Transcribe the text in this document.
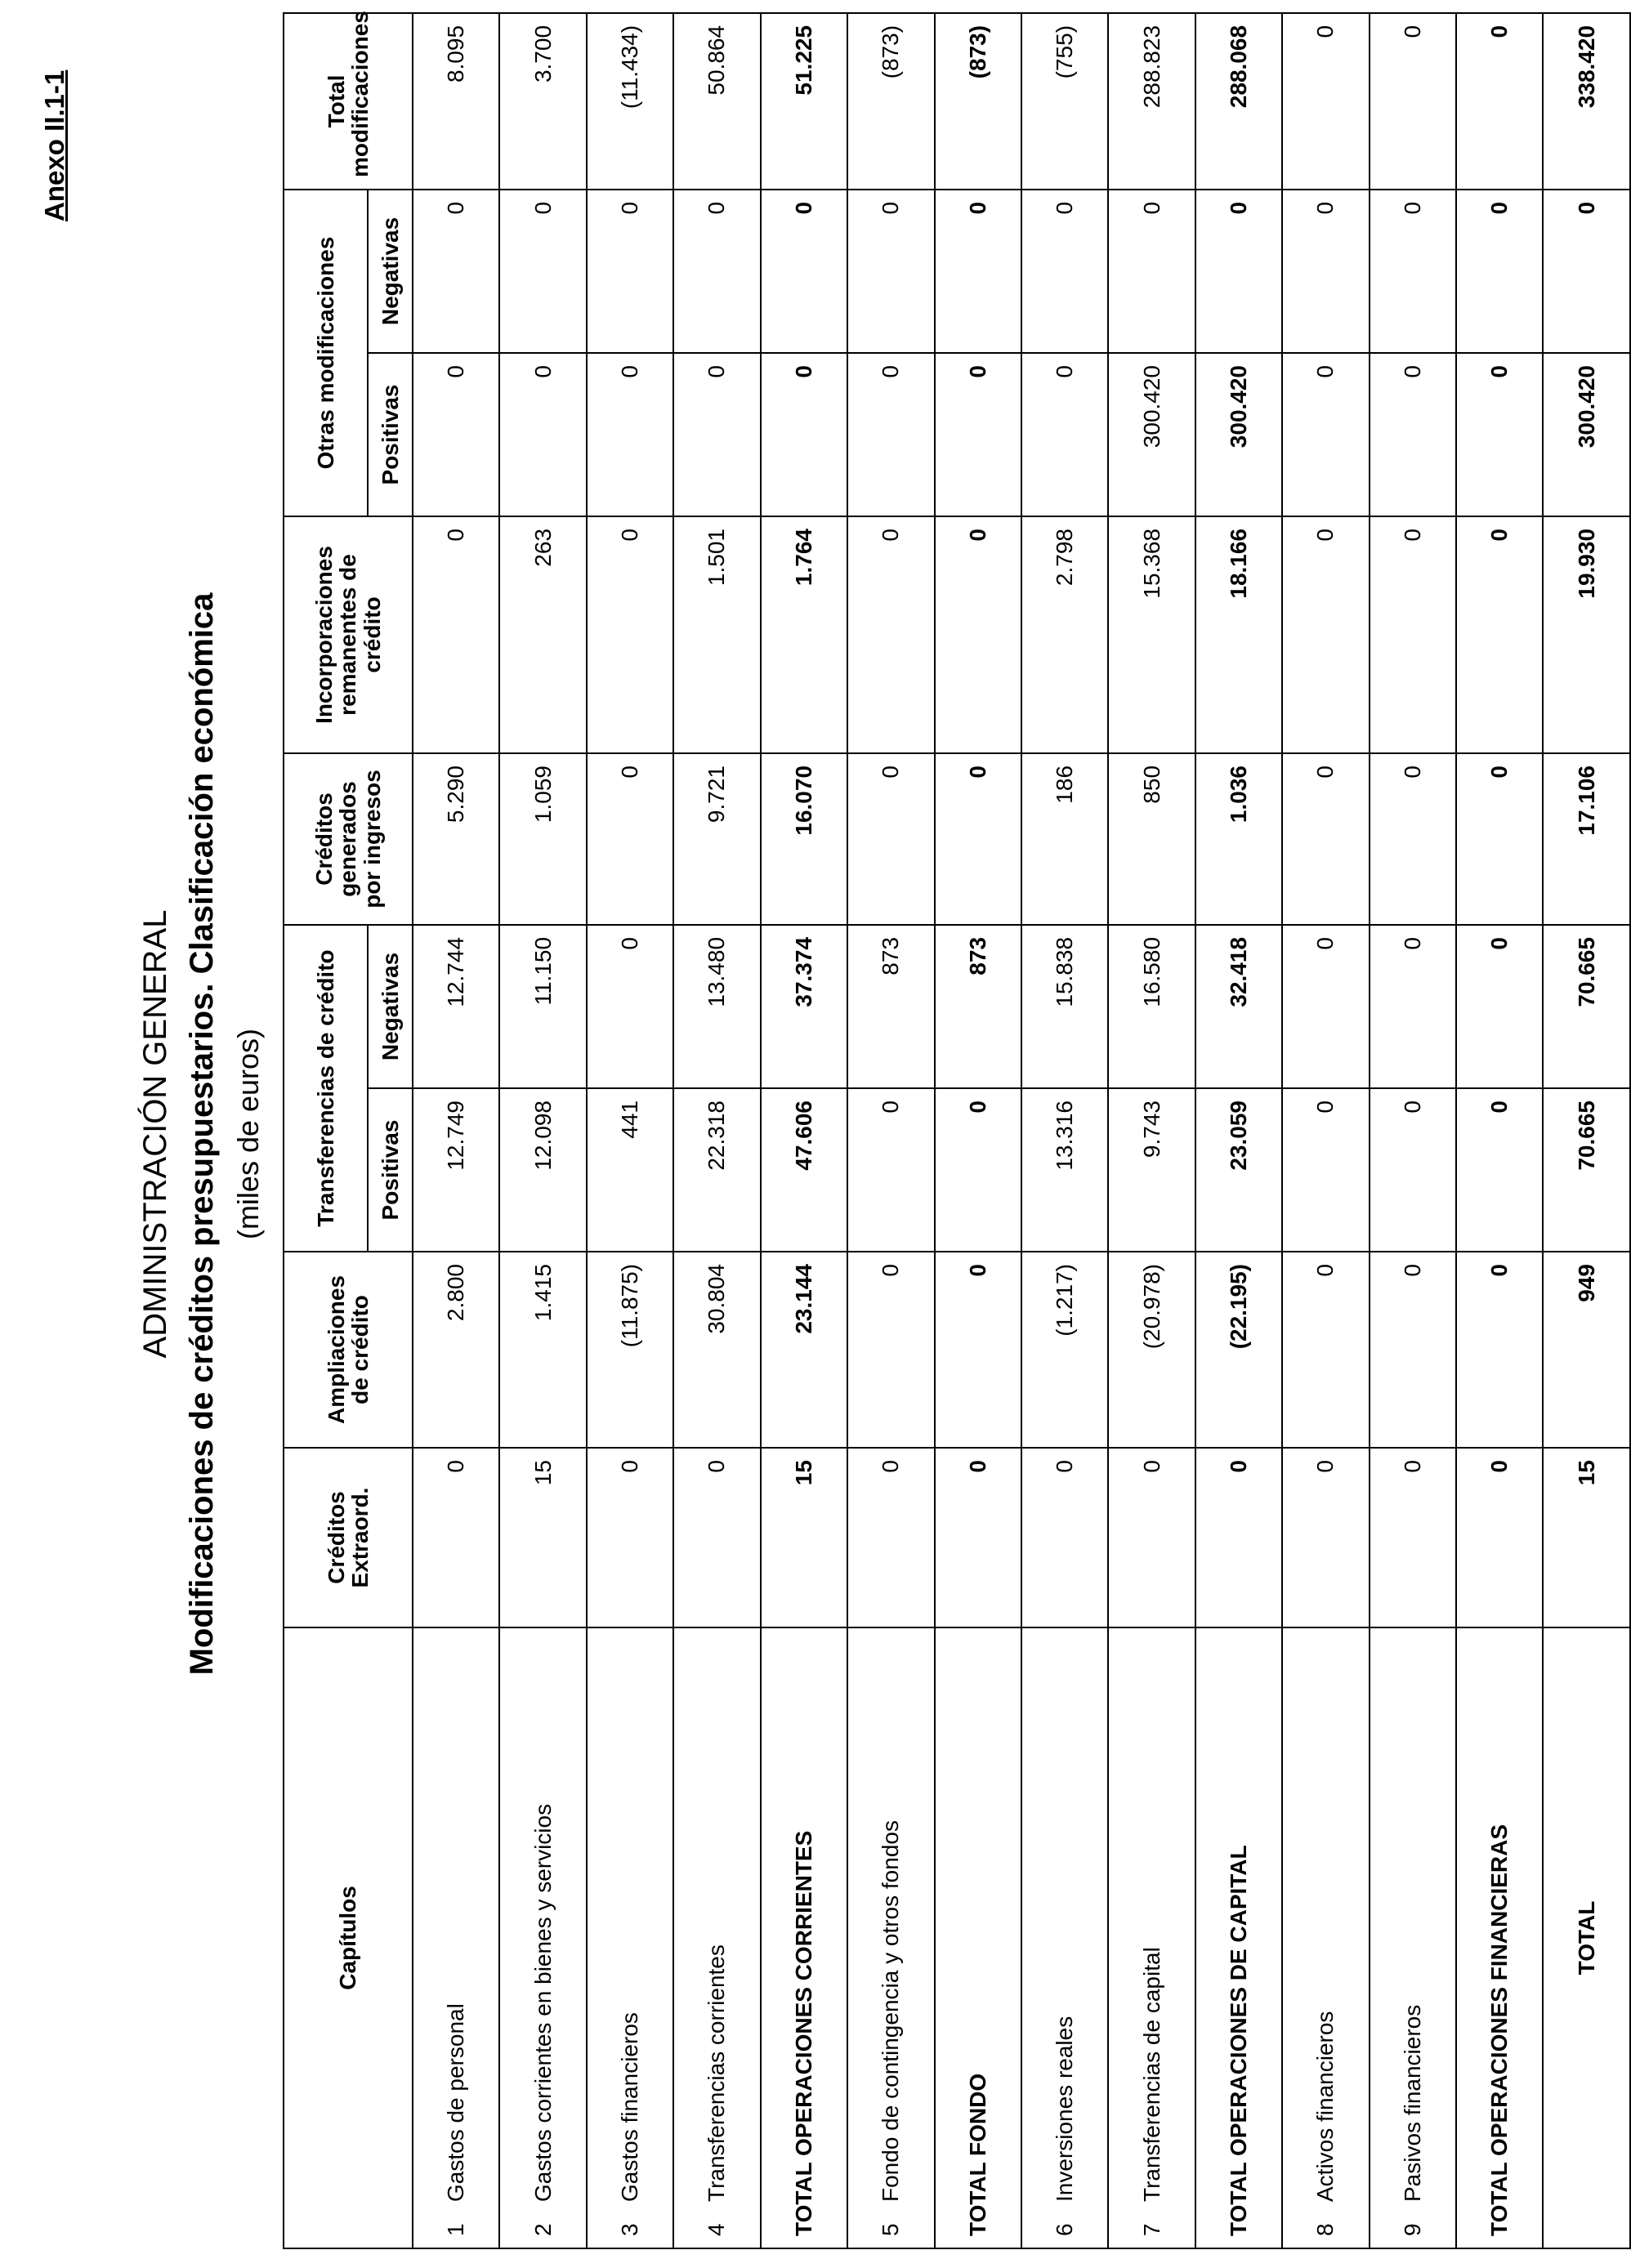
Anexo II.1-1
ADMINISTRACIÓN GENERAL Modificaciones de créditos presupuestarios. Clasificación económica (miles de euros)
Capítulos	Créditos Extraord.	Ampliaciones de crédito	Transferencias de crédito		Créditos generados por ingresos	Incorporaciones remanentes de crédito	Otras modificaciones		Total modificaciones
			Positivas	Negativas			Positivas	Negativas	
1Gastos de personal	0	2.800	12.749	12.744	5.290	0	0	0	8.095
2Gastos corrientes en bienes y servicios	15	1.415	12.098	11.150	1.059	263	0	0	3.700
3Gastos financieros	0	(11.875)	441	0	0	0	0	0	(11.434)
4Transferencias corrientes	0	30.804	22.318	13.480	9.721	1.501	0	0	50.864
TOTAL OPERACIONES CORRIENTES	15	23.144	47.606	37.374	16.070	1.764	0	0	51.225
5Fondo de contingencia y otros fondos	0	0	0	873	0	0	0	0	(873)
TOTAL FONDO	0	0	0	873	0	0	0	0	(873)
6Inversiones reales	0	(1.217)	13.316	15.838	186	2.798	0	0	(755)
7Transferencias de capital	0	(20.978)	9.743	16.580	850	15.368	300.420	0	288.823
TOTAL OPERACIONES DE CAPITAL	0	(22.195)	23.059	32.418	1.036	18.166	300.420	0	288.068
8Activos financieros	0	0	0	0	0	0	0	0	0
9Pasivos financieros	0	0	0	0	0	0	0	0	0
TOTAL OPERACIONES FINANCIERAS	0	0	0	0	0	0	0	0	0
TOTAL	15	949	70.665	70.665	17.106	19.930	300.420	0	338.420
